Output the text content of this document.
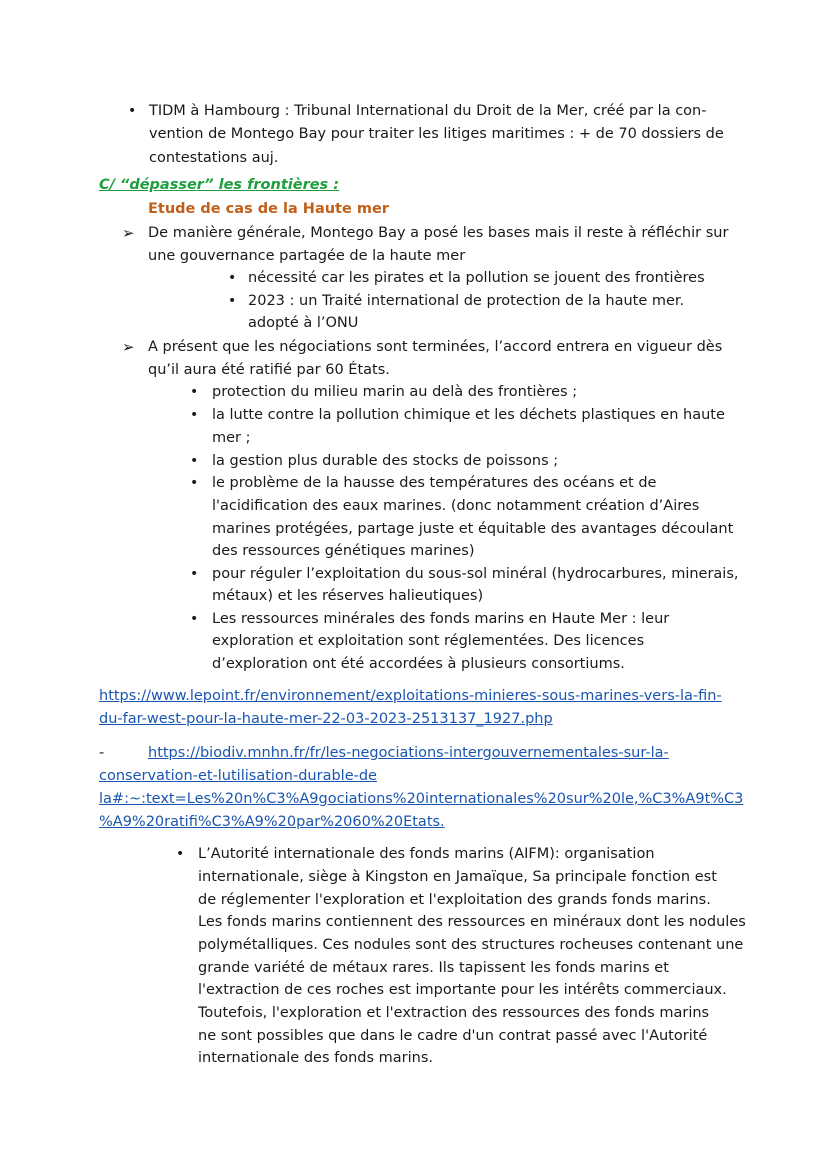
• TIDM à Hambourg : Tribunal International du Droit de la Mer, créé par la con-
vention de Montego Bay pour traiter les litiges maritimes : + de 70 dossiers de
contestations auj.
C/ “dépasser” les frontières :
Etude de cas de la Haute mer
➢ De manière générale, Montego Bay a posé les bases mais il reste à réfléchir sur
une gouvernance partagée de la haute mer
• nécessité car les pirates et la pollution se jouent des frontières
• 2023 : un Traité international de protection de la haute mer.
adopté à l’ONU
➢ A présent que les négociations sont terminées, l’accord entrera en vigueur dès
qu’il aura été ratifié par 60 États.
• protection du milieu marin au delà des frontières ;
• la lutte contre la pollution chimique et les déchets plastiques en haute
mer ;
• la gestion plus durable des stocks de poissons ;
• le problème de la hausse des températures des océans et de
l'acidification des eaux marines. (donc notamment création d’Aires
marines protégées, partage juste et équitable des avantages découlant
des ressources génétiques marines)
• pour réguler l’exploitation du sous-sol minéral (hydrocarbures, minerais,
métaux) et les réserves halieutiques)
• Les ressources minérales des fonds marins en Haute Mer : leur
exploration et exploitation sont réglementées. Des licences
d’exploration ont été accordées à plusieurs consortiums.
https://www.lepoint.fr/environnement/exploitations-minieres-sous-marines-vers-la-fin-
du-far-west-pour-la-haute-mer-22-03-2023-2513137_1927.php
-	https://biodiv.mnhn.fr/fr/les-negociations-intergouvernementales-sur-la-
conservation-et-lutilisation-durable-de
la#:~:text=Les%20n%C3%A9gociations%20internationales%20sur%20le,%C3%A9t%C3
%A9%20ratifi%C3%A9%20par%2060%20Etats.
• L’Autorité internationale des fonds marins (AIFM): organisation
internationale, siège à Kingston en Jamaïque, Sa principale fonction est
de réglementer l'exploration et l'exploitation des grands fonds marins.
Les fonds marins contiennent des ressources en minéraux dont les nodules
polymétalliques. Ces nodules sont des structures rocheuses contenant une
grande variété de métaux rares. Ils tapissent les fonds marins et
l'extraction de ces roches est importante pour les intérêts commerciaux.
Toutefois, l'exploration et l'extraction des ressources des fonds marins
ne sont possibles que dans le cadre d'un contrat passé avec l'Autorité
internationale des fonds marins.
